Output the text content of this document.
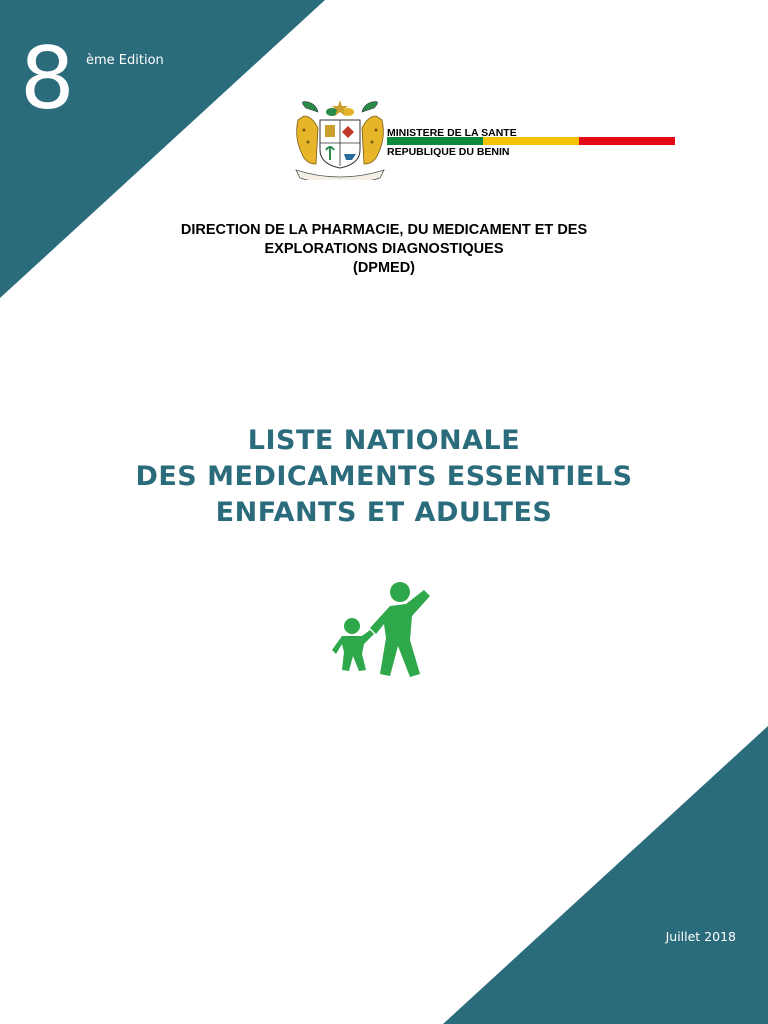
8 ème Edition
MINISTERE DE LA SANTE
REPUBLIQUE DU BENIN
DIRECTION DE LA PHARMACIE, DU MEDICAMENT ET DES
EXPLORATIONS DIAGNOSTIQUES
(DPMED)
LISTE NATIONALE
DES MEDICAMENTS ESSENTIELS
ENFANTS ET ADULTES
Juillet 2018
